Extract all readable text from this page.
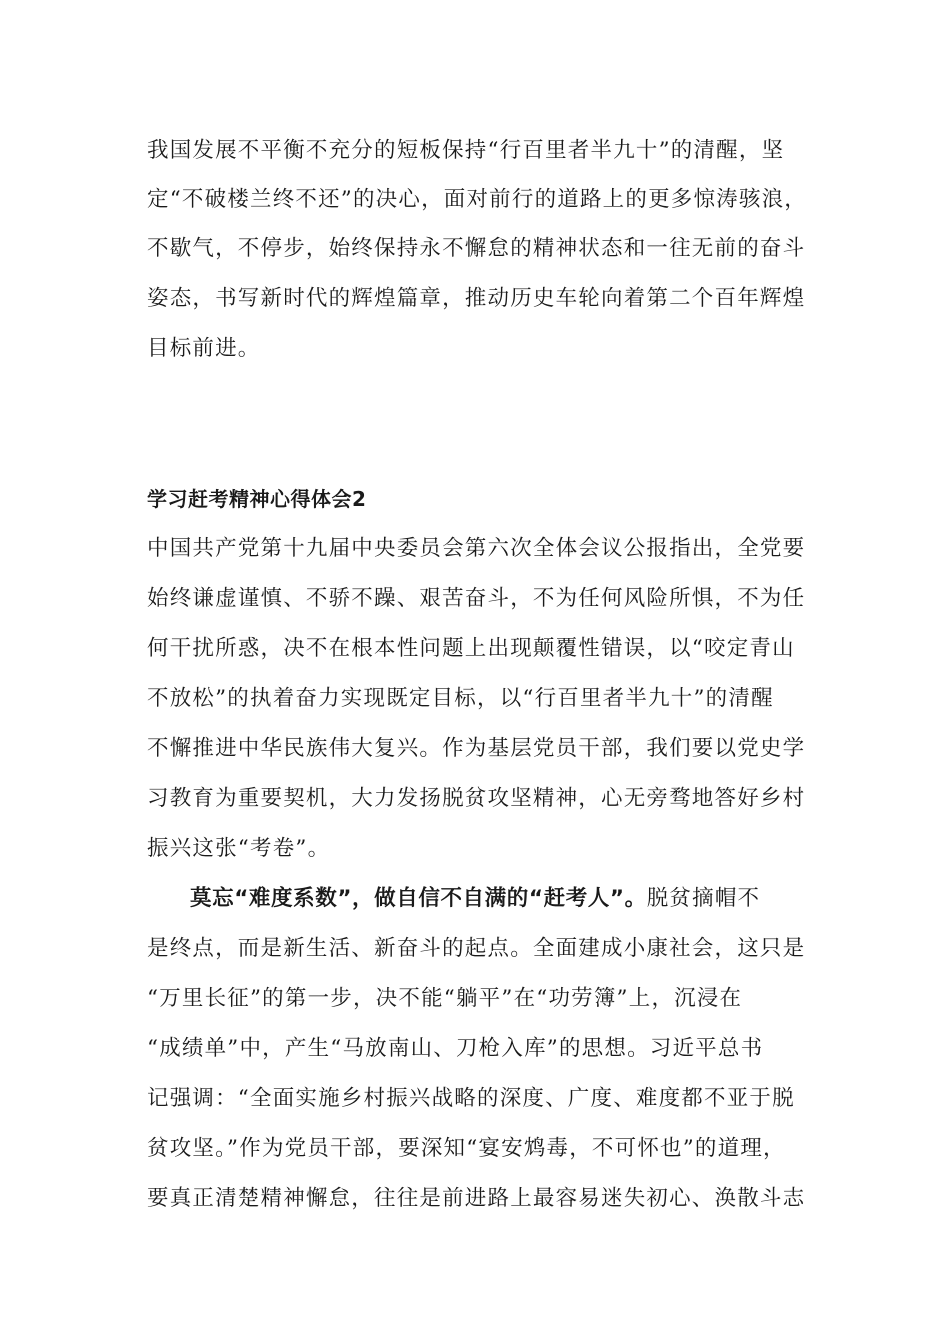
我国发展不平衡不充分的短板保持“行百里者半九十”的清醒，坚
定“不破楼兰终不还”的决心，面对前行的道路上的更多惊涛骇浪，
不歇气，不停步，始终保持永不懈怠的精神状态和一往无前的奋斗
姿态，书写新时代的辉煌篇章，推动历史车轮向着第二个百年辉煌
目标前进。
学习赶考精神心得体会2
中国共产党第十九届中央委员会第六次全体会议公报指出，全党要
始终谦虚谨慎、不骄不躁、艰苦奋斗，不为任何风险所惧，不为任
何干扰所惑，决不在根本性问题上出现颠覆性错误，以“咬定青山
不放松”的执着奋力实现既定目标，以“行百里者半九十”的清醒
不懈推进中华民族伟大复兴。作为基层党员干部，我们要以党史学
习教育为重要契机，大力发扬脱贫攻坚精神，心无旁骛地答好乡村
振兴这张“考卷”。
莫忘“难度系数”，做自信不自满的“赶考人”。脱贫摘帽不
是终点，而是新生活、新奋斗的起点。全面建成小康社会，这只是
“万里长征”的第一步，决不能“躺平”在“功劳簿”上，沉浸在
“成绩单”中，产生“马放南山、刀枪入库”的思想。习近平总书
记强调：“全面实施乡村振兴战略的深度、广度、难度都不亚于脱
贫攻坚。”作为党员干部，要深知“宴安鸩毒，不可怀也”的道理，
要真正清楚精神懈怠，往往是前进路上最容易迷失初心、涣散斗志
